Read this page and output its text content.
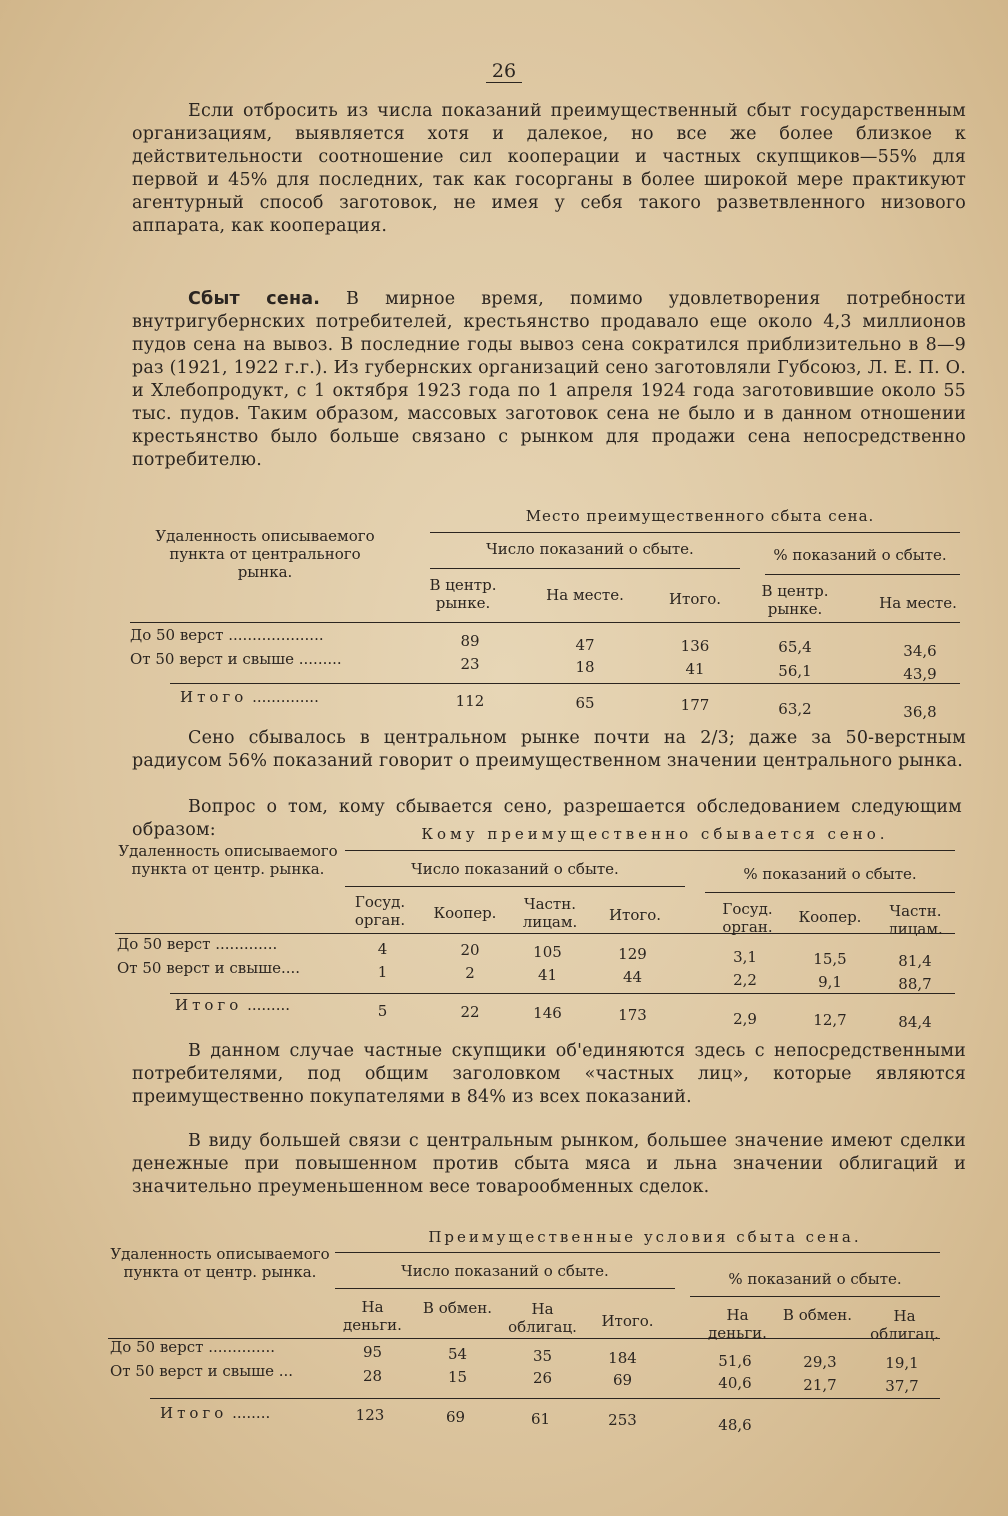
26

Если отбросить из числа показаний преимущественный сбыт государственным организациям, выявляется хотя и далекое, но все же более близкое к действительности соотношение сил кооперации и частных скупщиков—55% для первой и 45% для последних, так как госорганы в более широкой мере практикуют агентурный способ заготовок, не имея у себя такого разветвленного низового аппарата, как кооперация.

Сбыт сена. В мирное время, помимо удовлетворения потребности внутригубернских потребителей, крестьянство продавало еще около 4,3 миллионов пудов сена на вывоз. В последние годы вывоз сена сократился приблизительно в 8—9 раз (1921, 1922 г.г.). Из губернских организаций сено заготовляли Губсоюз, Л. Е. П. О. и Хлебопродукт, с 1 октября 1923 года по 1 апреля 1924 года заготовившие около 55 тыс. пудов. Таким образом, массовых заготовок сена не было и в данном отношении крестьянство было больше связано с рынком для продажи сена непосредственно потребителю.

Место преимущественного сбыта сена.
Удаленность описываемого пункта от центрального рынка.
Число показаний о сбыте.	% показаний о сбыте.
В центр. рынке.	На месте.	Итого.	В центр. рынке.	На месте.
До 50 верст ....................	89	47	136	65,4	34,6
От 50 верст и свыше .........	23	18	41	56,1	43,9
Итого ..............	112	65	177	63,2	36,8

Сено сбывалось в центральном рынке почти на 2/3; даже за 50-верстным радиусом 56% показаний говорит о преимущественном значении центрального рынка.

Вопрос о том, кому сбывается сено, разрешается обследованием следующим образом:	Кому преимущественно сбывается сено.
Удаленность описываемого пункта от центр. рынка.	Число показаний о сбыте.	% показаний о сбыте.
Госуд. орган.	Коопер.	Частн. лицам.	Итого.	Госуд. орган.
Коопер.	Частн. лицам.
До 50 верст .............	4	20	105	129	3,1	15,5	81,4
От 50 верст и свыше....	1	2	41	44	2,2	9,1	88,7
Итого .........	5	22	146	173	2,9	12,7	84,4

В данном случае частные скупщики об'единяются здесь с непосредственными потребителями, под общим заголовком «частных лиц», которые являются преимущественно покупателями в 84% из всех показаний.

В виду большей связи с центральным рынком, большее значение имеют сделки денежные при повышенном против сбыта мяса и льна значении облигаций и значительно преуменьшенном весе товарообменных сделок.

Преимущественные условия сбыта сена.
Удаленность описываемого пункта от центр. рынка.	Число показаний о сбыте.	% показаний о сбыте.
На деньги.
В обмен.	На облигац.	Итого.	На деньги.
В обмен.	На облигац.
До 50 верст ..............	95	54	35	184	51,6	29,3	19,1
От 50 верст и свыше ...	28	15	26	69	40,6	21,7	37,7
Итого ........	123	69	61	253	48,6
